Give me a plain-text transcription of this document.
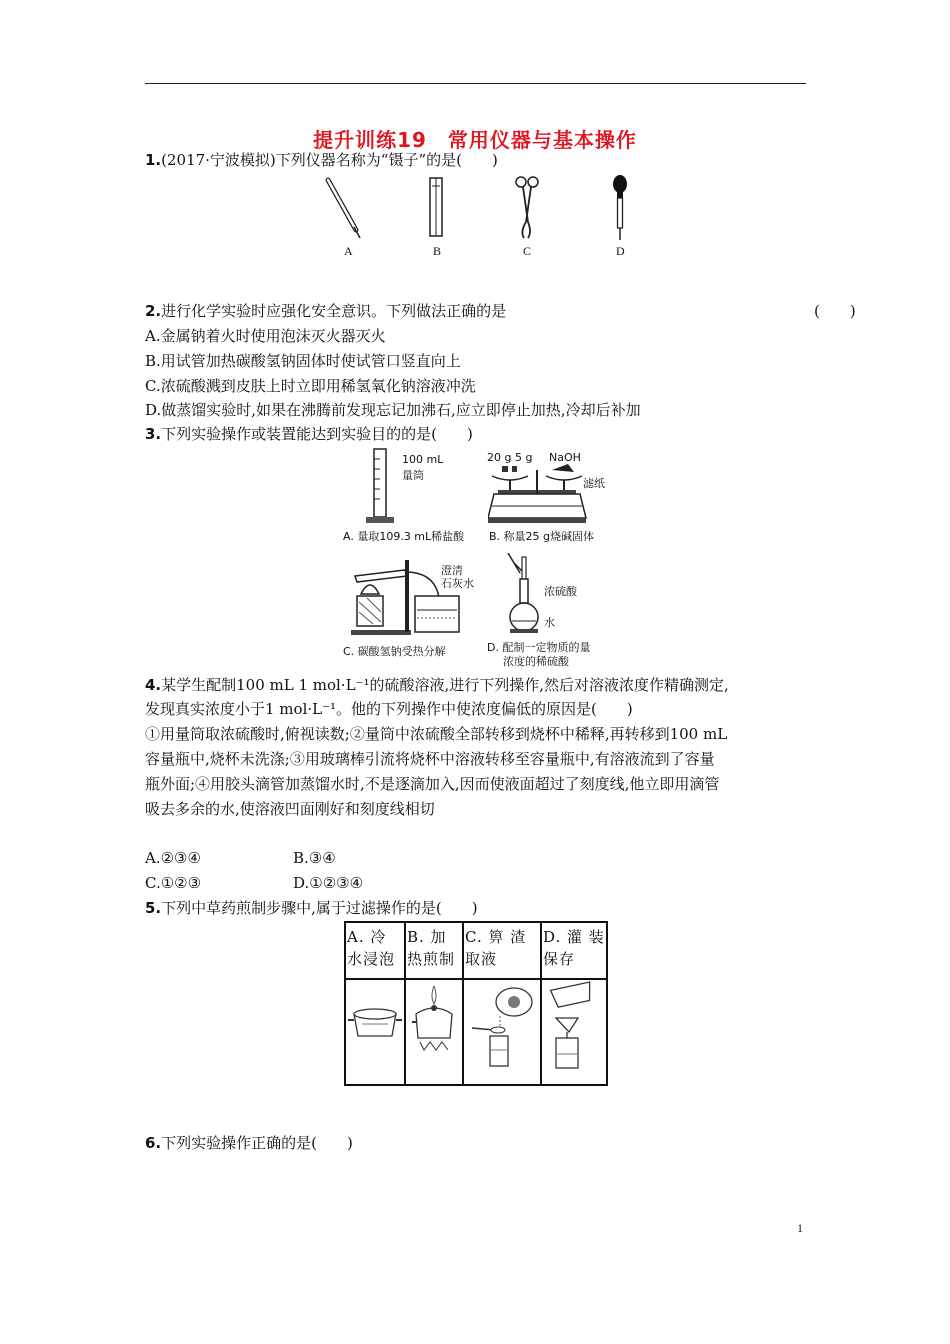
提升训练19　常用仪器与基本操作
1.(2017·宁波模拟)下列仪器名称为“镊子”的是(　　)
A	B	C	D
2.进行化学实验时应强化安全意识。下列做法正确的是	(　　)
A.金属钠着火时使用泡沫灭火器灭火
B.用试管加热碳酸氢钠固体时使试管口竖直向上
C.浓硫酸溅到皮肤上时立即用稀氢氧化钠溶液冲洗
D.做蒸馏实验时,如果在沸腾前发现忘记加沸石,应立即停止加热,冷却后补加
3.下列实验操作或装置能达到实验目的的是(　　)
100 mL
量筒
A. 量取109.3 mL稀盐酸
20 g 5 g NaOH
滤纸
B. 称量25 g烧碱固体
澄清
石灰水
C. 碳酸氢钠受热分解
浓硫酸
水
D. 配制一定物质的量
浓度的稀硫酸
4.某学生配制100 mL 1 mol·L⁻¹的硫酸溶液,进行下列操作,然后对溶液浓度作精确测定,
发现真实浓度小于1 mol·L⁻¹。他的下列操作中使浓度偏低的原因是(　　)
①用量筒取浓硫酸时,俯视读数;②量筒中浓硫酸全部转移到烧杯中稀释,再转移到100 mL
容量瓶中,烧杯未洗涤;③用玻璃棒引流将烧杯中溶液转移至容量瓶中,有溶液流到了容量
瓶外面;④用胶头滴管加蒸馏水时,不是逐滴加入,因而使液面超过了刻度线,他立即用滴管
吸去多余的水,使溶液凹面刚好和刻度线相切
A.②③④	B.③④
C.①②③	D.①②③④
5.下列中草药煎制步骤中,属于过滤操作的是(　　)
A. 冷 水浸泡	B. 加 热煎制	C. 箅 渣 取液	D. 灌 装保存

6.下列实验操作正确的是(　　)
1
